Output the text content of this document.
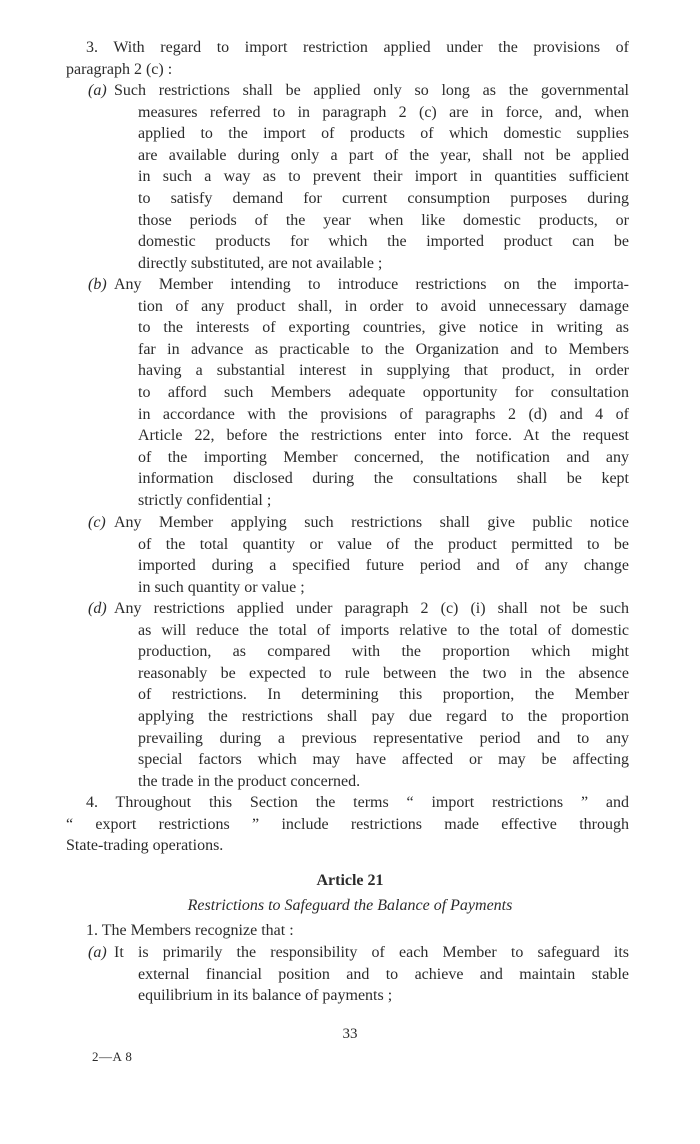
3. With regard to import restriction applied under the provisions of
paragraph 2 (c) :
(a) Such restrictions shall be applied only so long as the governmental
measures referred to in paragraph 2 (c) are in force, and, when
applied to the import of products of which domestic supplies
are available during only a part of the year, shall not be applied
in such a way as to prevent their import in quantities sufficient
to satisfy demand for current consumption purposes during
those periods of the year when like domestic products, or
domestic products for which the imported product can be
directly substituted, are not available ;
(b) Any Member intending to introduce restrictions on the importa-
tion of any product shall, in order to avoid unnecessary damage
to the interests of exporting countries, give notice in writing as
far in advance as practicable to the Organization and to Members
having a substantial interest in supplying that product, in order
to afford such Members adequate opportunity for consultation
in accordance with the provisions of paragraphs 2 (d) and 4 of
Article 22, before the restrictions enter into force. At the request
of the importing Member concerned, the notification and any
information disclosed during the consultations shall be kept
strictly confidential ;
(c) Any Member applying such restrictions shall give public notice
of the total quantity or value of the product permitted to be
imported during a specified future period and of any change
in such quantity or value ;
(d) Any restrictions applied under paragraph 2 (c) (i) shall not be such
as will reduce the total of imports relative to the total of domestic
production, as compared with the proportion which might
reasonably be expected to rule between the two in the absence
of restrictions. In determining this proportion, the Member
applying the restrictions shall pay due regard to the proportion
prevailing during a previous representative period and to any
special factors which may have affected or may be affecting
the trade in the product concerned.
4. Throughout this Section the terms “ import restrictions ” and
“ export restrictions ” include restrictions made effective through
State-trading operations.
Article 21
Restrictions to Safeguard the Balance of Payments
1. The Members recognize that :
(a) It is primarily the responsibility of each Member to safeguard its
external financial position and to achieve and maintain stable
equilibrium in its balance of payments ;
33
2—A 8
